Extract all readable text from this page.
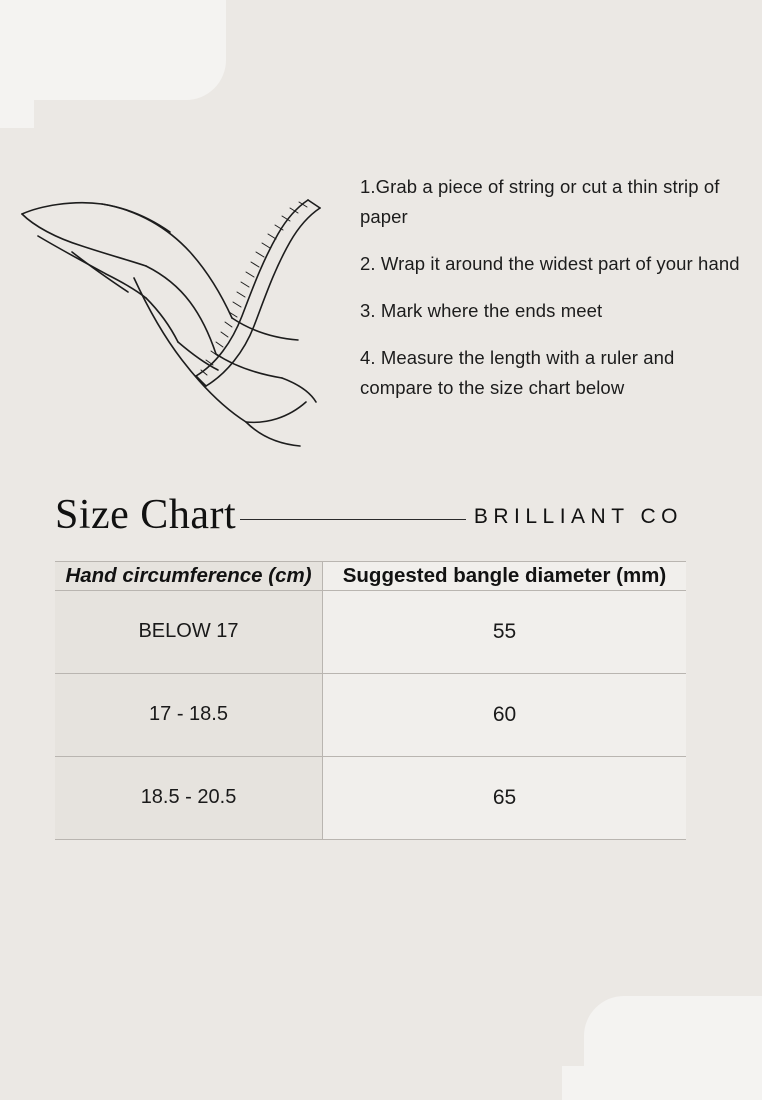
1.Grab a piece of string or cut a thin strip of paper
2. Wrap it around the widest part of your hand
3. Mark where the ends meet
4. Measure the length with a ruler and compare to the size chart below
Size Chart	BRILLIANT CO
Hand circumference (cm)	Suggested bangle diameter (mm)
BELOW 17	55
17 - 18.5	60
18.5 - 20.5	65
